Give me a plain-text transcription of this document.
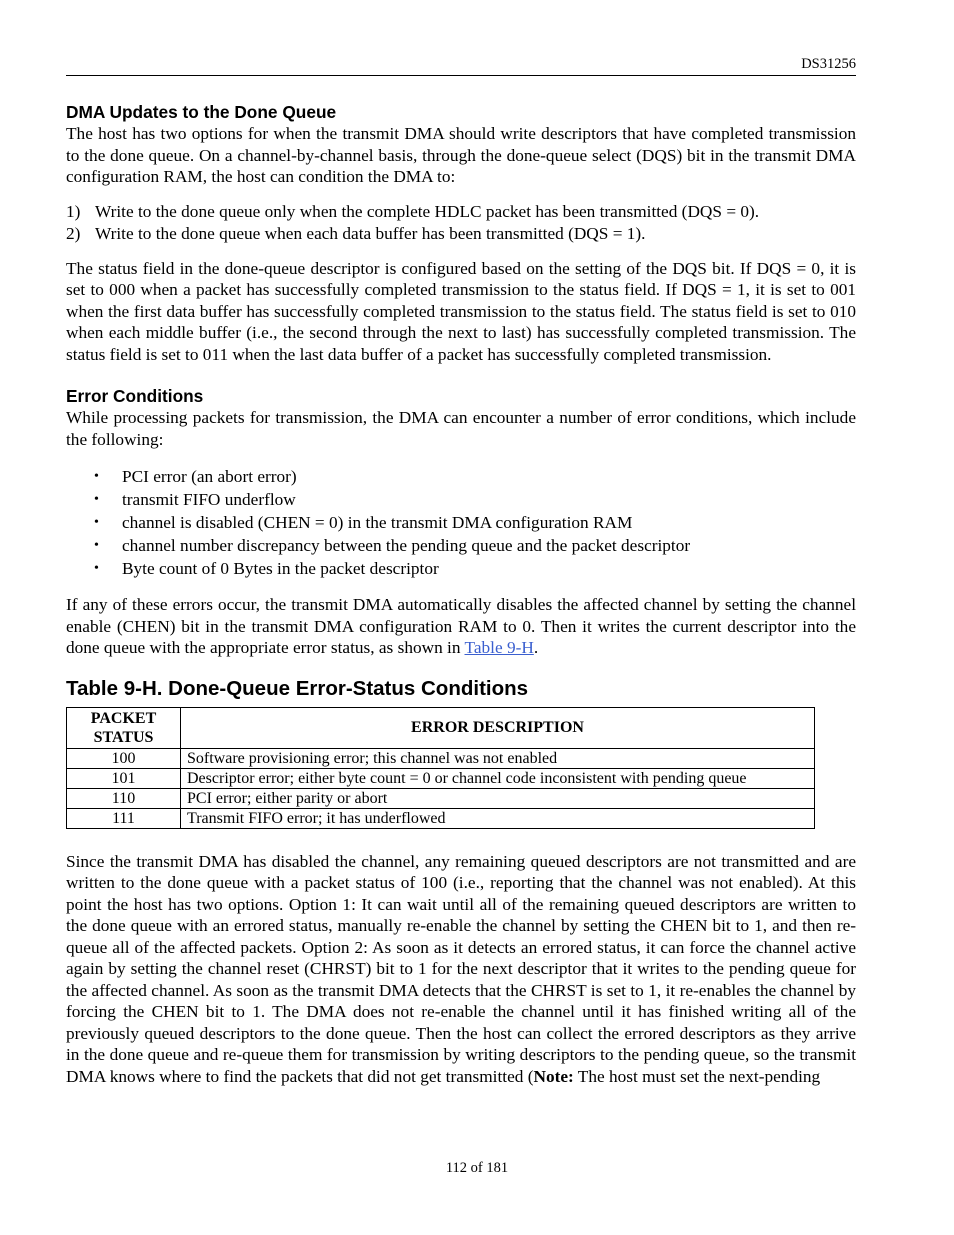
DS31256
DMA Updates to the Done Queue

The host has two options for when the transmit DMA should write descriptors that have completed transmission to the done queue. On a channel-by-channel basis, through the done-queue select (DQS) bit in the transmit DMA configuration RAM, the host can condition the DMA to:

1) Write to the done queue only when the complete HDLC packet has been transmitted (DQS = 0).
2) Write to the done queue when each data buffer has been transmitted (DQS = 1).

The status field in the done-queue descriptor is configured based on the setting of the DQS bit. If DQS = 0, it is set to 000 when a packet has successfully completed transmission to the status field. If DQS = 1, it is set to 001 when the first data buffer has successfully completed transmission to the status field. The status field is set to 010 when each middle buffer (i.e., the second through the next to last) has successfully completed transmission. The status field is set to 011 when the last data buffer of a packet has successfully completed transmission.

Error Conditions

While processing packets for transmission, the DMA can encounter a number of error conditions, which include the following:

•	PCI error (an abort error)
•	transmit FIFO underflow
•	channel is disabled (CHEN = 0) in the transmit DMA configuration RAM
•	channel number discrepancy between the pending queue and the packet descriptor
•	Byte count of 0 Bytes in the packet descriptor

If any of these errors occur, the transmit DMA automatically disables the affected channel by setting the channel enable (CHEN) bit in the transmit DMA configuration RAM to 0. Then it writes the current descriptor into the done queue with the appropriate error status, as shown in Table 9-H.

Table 9-H. Done-Queue Error-Status Conditions
PACKET
STATUS	ERROR DESCRIPTION
100	Software provisioning error; this channel was not enabled
101	Descriptor error; either byte count = 0 or channel code inconsistent with pending queue
110	PCI error; either parity or abort
111	Transmit FIFO error; it has underflowed

Since the transmit DMA has disabled the channel, any remaining queued descriptors are not transmitted and are written to the done queue with a packet status of 100 (i.e., reporting that the channel was not enabled). At this point the host has two options. Option 1: It can wait until all of the remaining queued descriptors are written to the done queue with an errored status, manually re-enable the channel by setting the CHEN bit to 1, and then re-queue all of the affected packets. Option 2: As soon as it detects an errored status, it can force the channel active again by setting the channel reset (CHRST) bit to 1 for the next descriptor that it writes to the pending queue for the affected channel. As soon as the transmit DMA detects that the CHRST is set to 1, it re-enables the channel by forcing the CHEN bit to 1. The DMA does not re-enable the channel until it has finished writing all of the previously queued descriptors to the done queue. Then the host can collect the errored descriptors as they arrive in the done queue and re-queue them for transmission by writing descriptors to the pending queue, so the transmit DMA knows where to find the packets that did not get transmitted (Note: The host must set the next-pending

112 of 181
